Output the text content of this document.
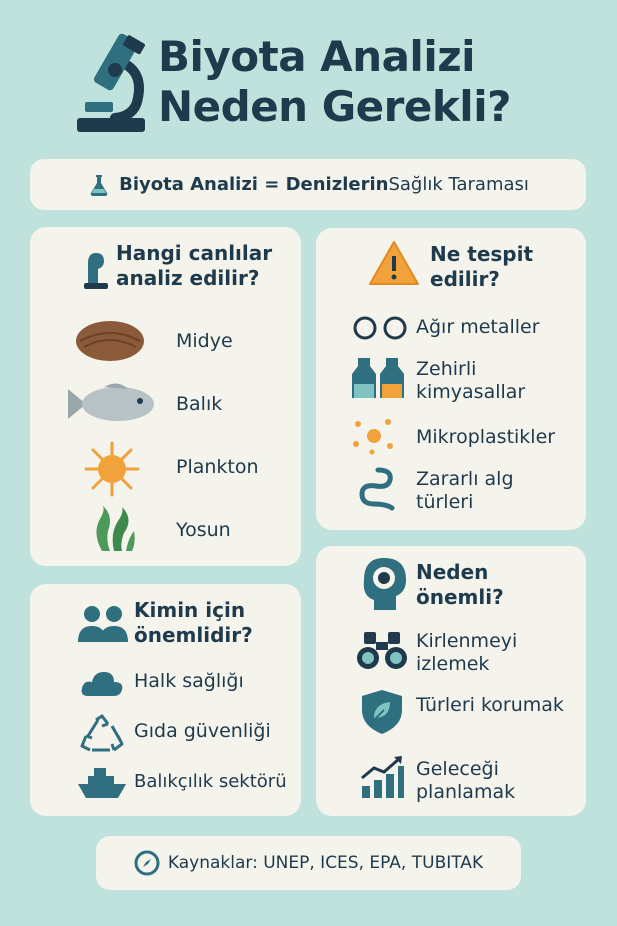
Biyota Analizi
Neden Gerekli?
Biyota Analizi = Denizlerin Sağlık Taraması
Hangi canlılar analiz edilir?
Midye
Balık
Plankton
Yosun
Ne tespit edilir?
Ağır metaller
Zehirli kimyasallar
Mikroplastikler
Zararlı alg türleri
Kimin için önemlidir?
Halk sağlığı
Gıda güvenliği
Balıkçılık sektörü
Neden önemli?
Kirlenmeyi izlemek
Türleri korumak
Geleceği planlamak
Kaynaklar: UNEP, ICES, EPA, TUBITAK
